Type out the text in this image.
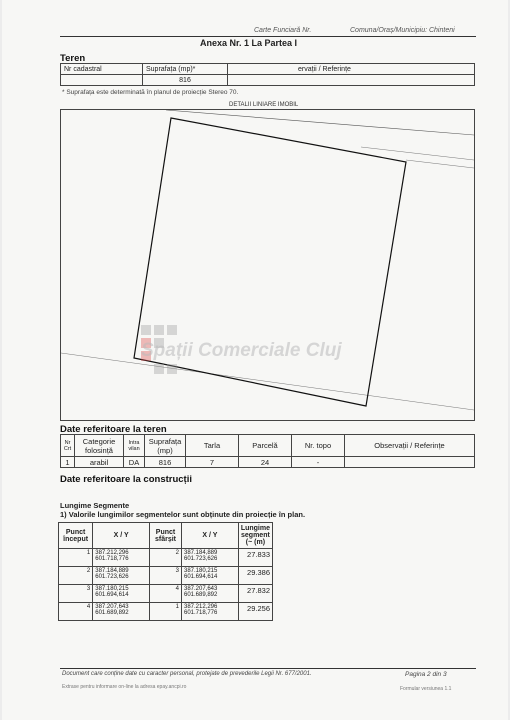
Carte Funciară Nr.	Comuna/Oraș/Municipiu: Chinteni
Anexa Nr. 1 La Partea I
Teren
Nr cadastral	Suprafața (mp)*	ervații / Referințe
	816	
* Suprafața este determinată în planul de proiecție Stereo 70.
DETALII LINIARE IMOBIL
Spații Comerciale Cluj
Date referitoare la teren
Nr Crt	Categorie folosință	Intra vilan	Suprafața (mp)	Tarla	Parcelă	Nr. topo	Observații / Referințe
1	arabil	DA	816	7	24	-	
Date referitoare la construcții
Lungime Segmente
1) Valorile lungimilor segmentelor sunt obținute din proiecție în plan.
Punct început	X / Y	Punct sfârșit	X / Y	Lungime segment (~ (m)
1	387.212,296
601.718,776	2	387.184,889
601.723,626	27.833
2	387.184,889
601.723,626	3	387.180,215
601.694,614	29.386
3	387.180,215
601.694,614	4	387.207,643
601.689,892	27.832
4	387.207,643
601.689,892	1	387.212,296
601.718,776	29.256
Document care conține date cu caracter personal, protejate de prevederile Legii Nr. 677/2001.	Pagina 2 din 3
Extrase pentru informare on-line la adresa epay.ancpi.ro	Formular versiunea 1.1
